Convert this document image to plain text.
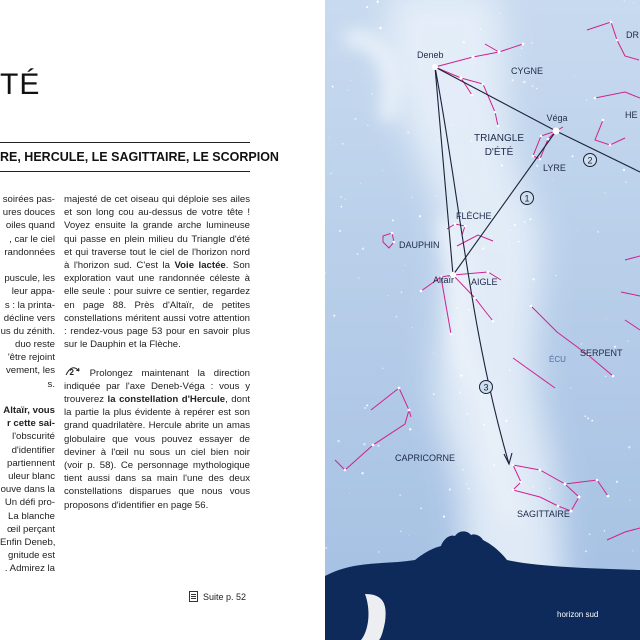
TÉ
RE, HERCULE, LE SAGITTAIRE, LE SCORPION
soirées pas-
ures douces
oiles quand
, car le ciel
randonnées
puscule, les
leur appa-
s : la printa-
décline vers
us du zénith.
duo reste
'être rejoint
vement, les
s.
Altaïr, vous
r cette sai-
l'obscurité
d'identifier
partiennent
uleur blanc
ouve dans la
Un défi pro-
La blanche
œil perçant
Enfin Deneb,
gnitude est
. Admirez la

majesté de cet oiseau qui déploie ses ailes et son long cou au-dessus de votre tête ! Voyez ensuite la grande arche lumineuse qui passe en plein milieu du Triangle d'été et qui traverse tout le ciel de l'horizon nord à l'horizon sud. C'est la Voie lactée. Son exploration vaut une randonnée céleste à elle seule : pour suivre ce sentier, regardez en page 88. Près d'Altaïr, de petites constellations méritent aussi votre attention : rendez-vous page 53 pour en savoir plus sur le Dauphin et la Flèche.

2 Prolongez maintenant la direction indiquée par l'axe Deneb-Véga : vous y trouverez la constellation d'Hercule, dont la partie la plus évidente à repérer est son grand quadrilatère. Hercule abrite un amas globulaire que vous pouvez essayer de deviner à l'œil nu sous un ciel bien noir (voir p. 58). Ce personnage mythologique tient aussi dans sa main l'une des deux constellations disparues que nous vous proposons d'identifier en page 56.

Suite p. 52
1
2
3
Deneb
Véga
Altaïr
CYGNE
TRIANGLE
D'ÉTÉ
LYRE
FLÈCHE
DAUPHIN
AIGLE
CAPRICORNE
SAGITTAIRE
SERPENT
ÉCU
DR
HE
horizon sud
